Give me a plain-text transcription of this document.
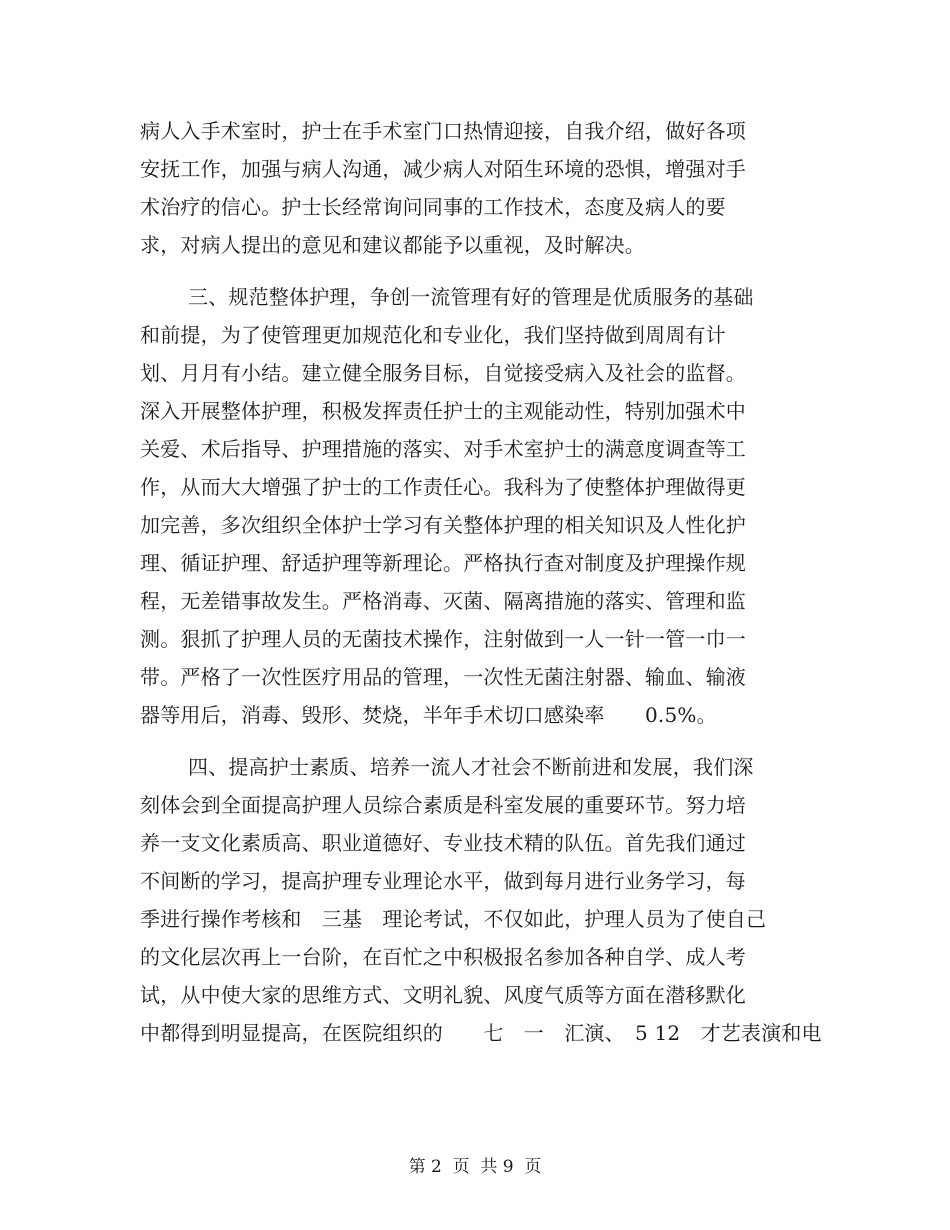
病人入手术室时，护士在手术室门口热情迎接，自我介绍，做好各项
安抚工作，加强与病人沟通，减少病人对陌生环境的恐惧，增强对手
术治疗的信心。护士长经常询问同事的工作技术，态度及病人的要
求，对病人提出的意见和建议都能予以重视，及时解决。
三、规范整体护理，争创一流管理有好的管理是优质服务的基础
和前提，为了使管理更加规范化和专业化，我们坚持做到周周有计
划、月月有小结。建立健全服务目标，自觉接受病入及社会的监督。
深入开展整体护理，积极发挥责任护士的主观能动性，特别加强术中
关爱、术后指导、护理措施的落实、对手术室护士的满意度调查等工
作，从而大大增强了护士的工作责任心。我科为了使整体护理做得更
加完善，多次组织全体护士学习有关整体护理的相关知识及人性化护
理、循证护理、舒适护理等新理论。严格执行查对制度及护理操作规
程，无差错事故发生。严格消毒、灭菌、隔离措施的落实、管理和监
测。狠抓了护理人员的无菌技术操作，注射做到一人一针一管一巾一
带。严格了一次性医疗用品的管理，一次性无菌注射器、输血、输液
器等用后，消毒、毁形、焚烧，半年手术切口感染率　　0.5%。
四、提高护士素质、培养一流人才社会不断前进和发展，我们深
刻体会到全面提高护理人员综合素质是科室发展的重要环节。努力培
养一支文化素质高、职业道德好、专业技术精的队伍。首先我们通过
不间断的学习，提高护理专业理论水平，做到每月进行业务学习，每
季进行操作考核和　三基　理论考试，不仅如此，护理人员为了使自己
的文化层次再上一台阶，在百忙之中积极报名参加各种自学、成人考
试，从中使大家的思维方式、文明礼貌、风度气质等方面在潜移默化
中都得到明显提高，在医院组织的　　七　一　汇演、　5 12　才艺表演和电
第 2  页  共 9  页
